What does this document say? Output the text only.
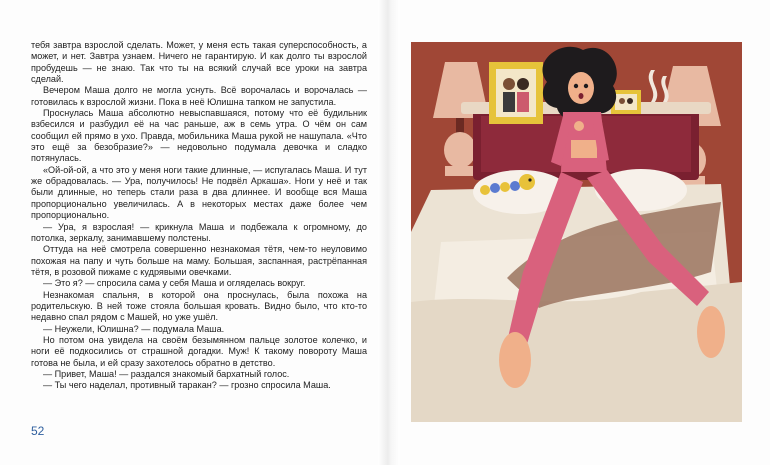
тебя завтра взрослой сделать. Может, у меня есть такая суперспособность, а может, и нет. Завтра узнаем. Ничего не гарантирую. И как долго ты взрослой пробудешь — не знаю. Так что ты на всякий случай все уроки на завтра сделай.

Вечером Маша долго не могла уснуть. Всё ворочалась и ворочалась — готовилась к взрослой жизни. Пока в неё Юлишна тапком не запустила.

Проснулась Маша абсолютно невыспавшаяся, потому что её будильник взбесился и разбудил её на час раньше, аж в семь утра. О чём он сам сообщил ей прямо в ухо. Правда, мобильника Маша рукой не нашупала. «Что это ещё за безобразие?» — недовольно подумала девочка и сладко потянулась.

«Ой-ой-ой, а что это у меня ноги такие длинные, — испугалась Маша. И тут же обрадовалась. — Ура, получилось! Не подвёл Аркаша». Ноги у неё и так были длинные, но теперь стали раза в два длиннее. И вообще вся Маша пропорционально увеличилась. А в некоторых местах даже более чем пропорционально.

— Ура, я взрослая! — крикнула Маша и подбежала к огромному, до потолка, зеркалу, занимавшему полстены.

Оттуда на неё смотрела совершенно незнакомая тётя, чем-то неуловимо похожая на папу и чуть больше на маму. Большая, заспанная, растрёпанная тётя, в розовой пижаме с кудрявыми овечками.

— Это я? — спросила сама у себя Маша и огляделась вокруг.

Незнакомая спальня, в которой она проснулась, была похожа на родительскую. В ней тоже стояла большая кровать. Видно было, что кто-то недавно спал рядом с Машей, но уже ушёл.

— Неужели, Юлишна? — подумала Маша.

Но потом она увидела на своём безымянном пальце золотое колечко, и ноги её подкосились от страшной догадки. Муж! К такому повороту Маша готова не была, и ей сразу захотелось обратно в детство.

— Привет, Маша! — раздался знакомый бархатный голос.

— Ты чего наделал, противный таракан? — грозно спросила Маша.

52
